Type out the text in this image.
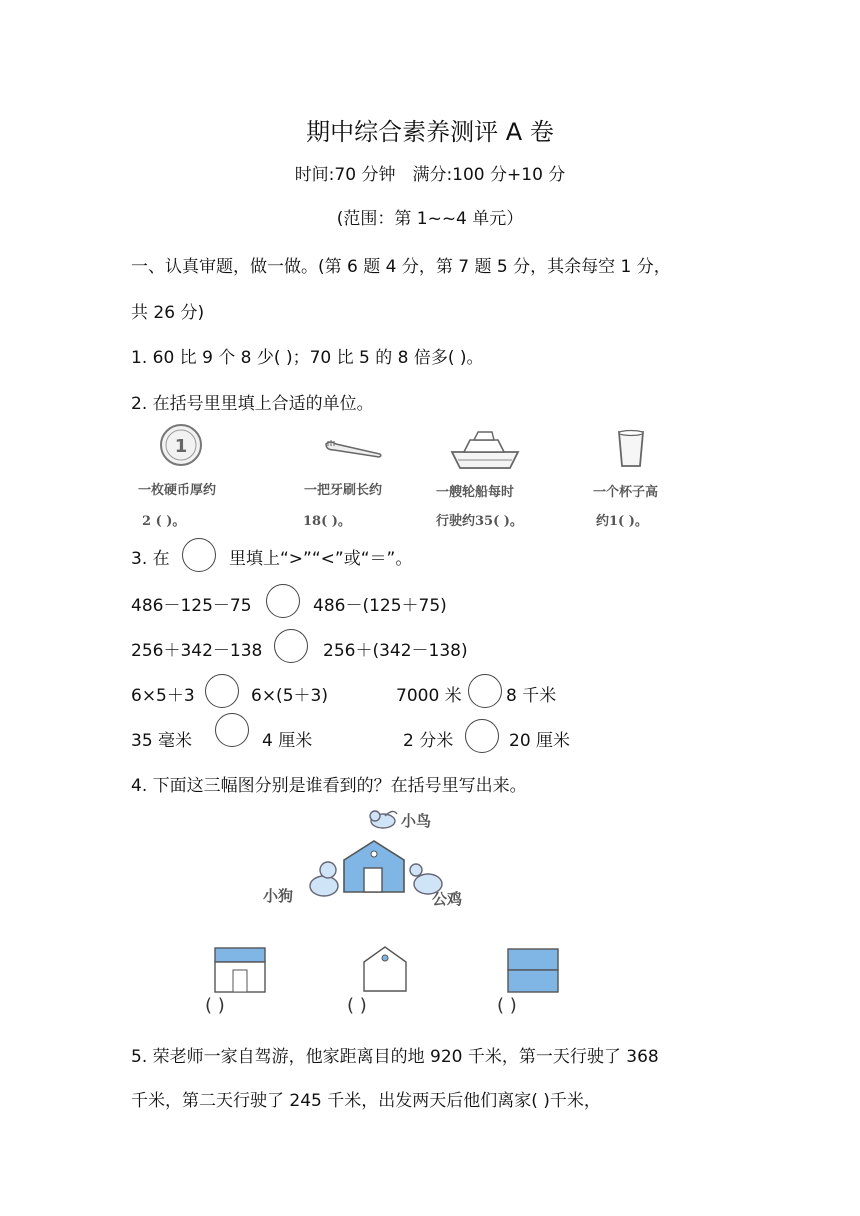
期中综合素养测评 A 卷
时间:70 分钟　满分:100 分+10 分
(范围：第 1~~4 单元）
一、认真审题，做一做。(第 6 题 4 分，第 7 题 5 分，其余每空 1 分，
共 26 分)
1. 60 比 9 个 8 少( )；70 比 5 的 8 倍多( )。
2. 在括号里里填上合适的单位。
1
一枚硬币厚约
2 ( )。
一把牙刷长约
18( )。
一艘轮船每时
行驶约35( )。
一个杯子高
约1( )。
3. 在	里填上“>”“<”或“＝”。
486－125－75	486－(125＋75)
256＋342－138	256＋(342－138)
6×5＋3	6×(5＋3)	7000 米	8 千米
35 毫米	4 厘米	2 分米	20 厘米
4. 下面这三幅图分别是谁看到的？在括号里写出来。
小鸟
小狗	公鸡
( )	( )	( )
5. 荣老师一家自驾游，他家距离目的地 920 千米，第一天行驶了 368
千米，第二天行驶了 245 千米，出发两天后他们离家( )千米，
